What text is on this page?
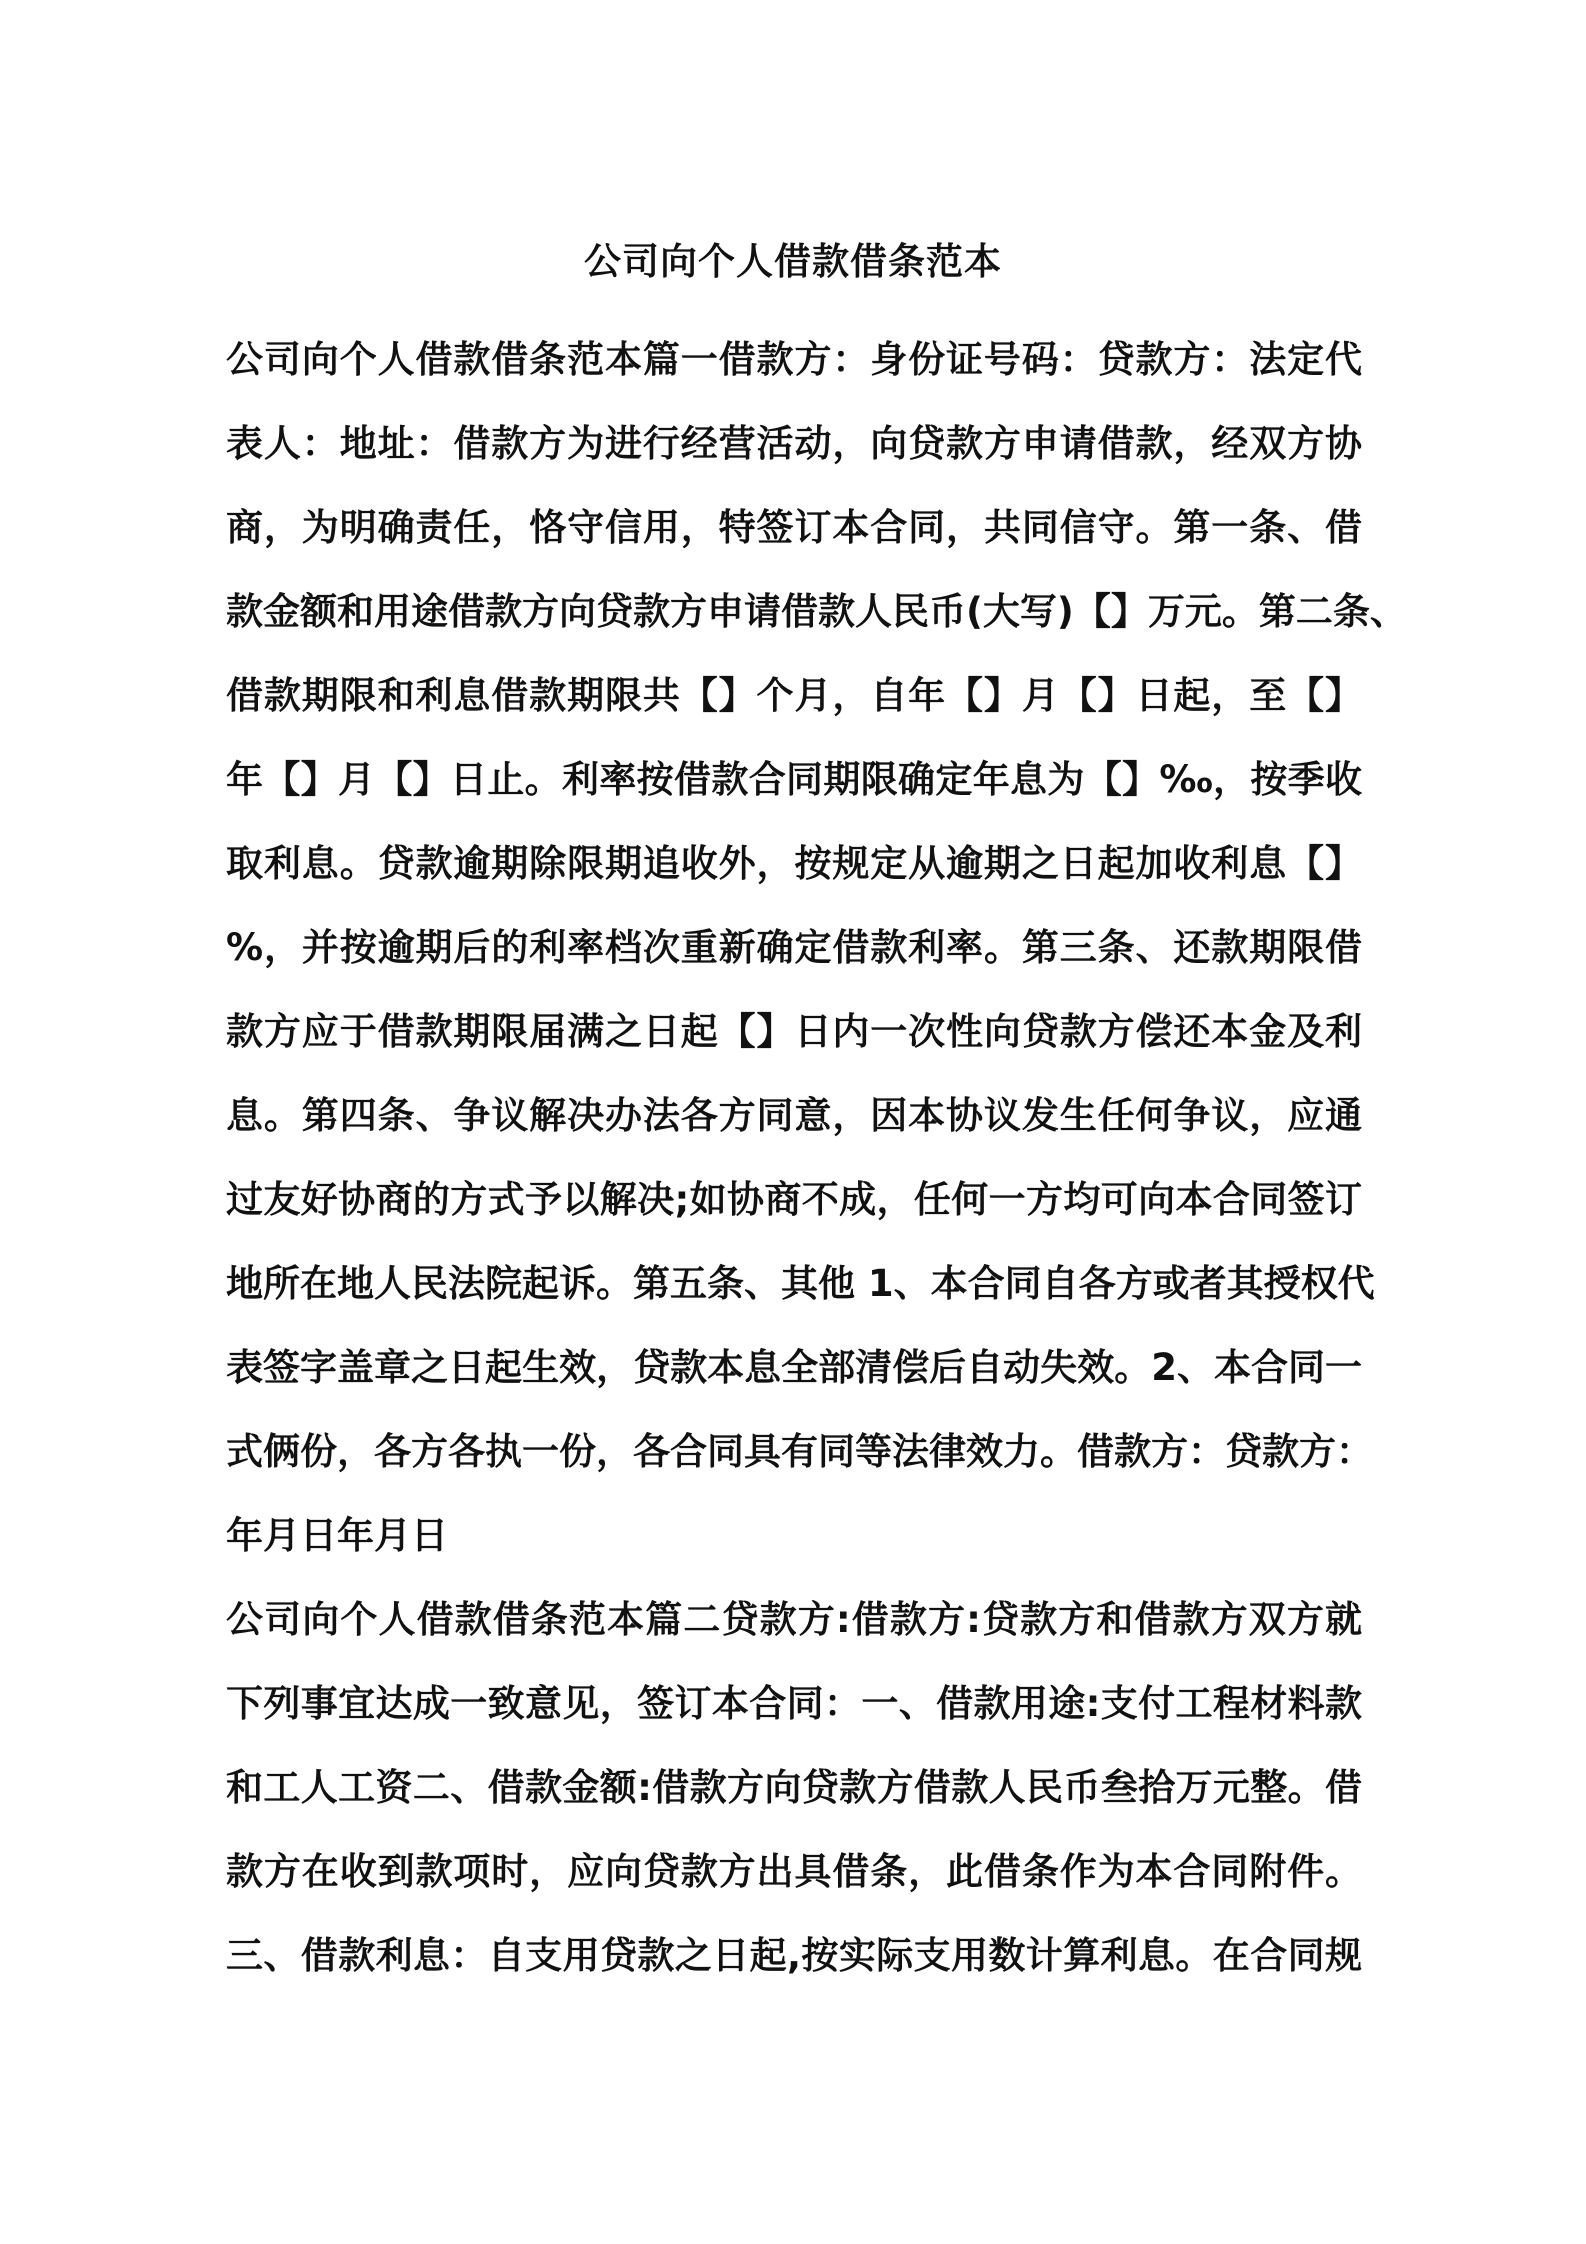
公司向个人借款借条范本
公司向个人借款借条范本篇一借款方：身份证号码：贷款方：法定代
表人：地址：借款方为进行经营活动，向贷款方申请借款，经双方协
商，为明确责任，恪守信用，特签订本合同，共同信守。第一条、借
款金额和用途借款方向贷款方申请借款人民币(大写)【】万元。第二条、
借款期限和利息借款期限共【】个月，自年【】月【】日起，至【】
年【】月【】日止。利率按借款合同期限确定年息为【】‰，按季收
取利息。贷款逾期除限期追收外，按规定从逾期之日起加收利息【】
%，并按逾期后的利率档次重新确定借款利率。第三条、还款期限借
款方应于借款期限届满之日起【】日内一次性向贷款方偿还本金及利
息。第四条、争议解决办法各方同意，因本协议发生任何争议，应通
过友好协商的方式予以解决;如协商不成，任何一方均可向本合同签订
地所在地人民法院起诉。第五条、其他 1、本合同自各方或者其授权代
表签字盖章之日起生效，贷款本息全部清偿后自动失效。2、本合同一
式俩份，各方各执一份，各合同具有同等法律效力。借款方：贷款方：
年月日年月日
公司向个人借款借条范本篇二贷款方:借款方:贷款方和借款方双方就
下列事宜达成一致意见，签订本合同：一、借款用途:支付工程材料款
和工人工资二、借款金额:借款方向贷款方借款人民币叁拾万元整。借
款方在收到款项时，应向贷款方出具借条，此借条作为本合同附件。
三、借款利息：自支用贷款之日起,按实际支用数计算利息。在合同规
